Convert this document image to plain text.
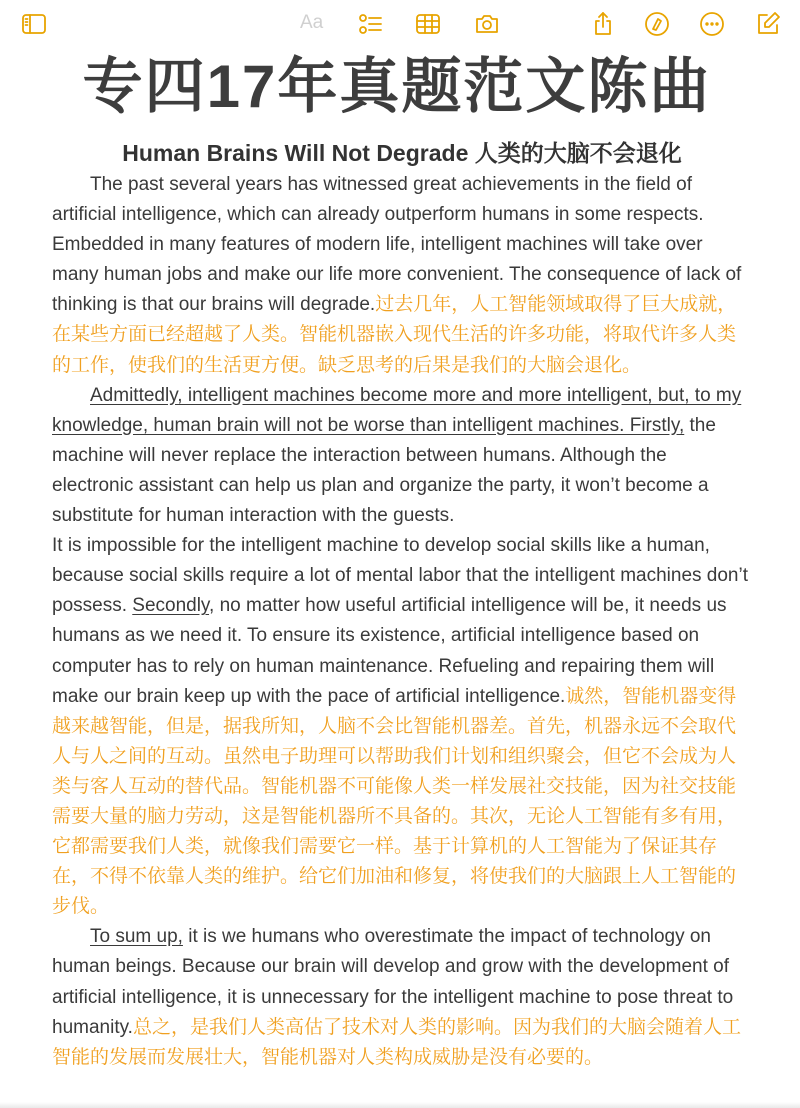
Aa
专四17年真题范文陈曲
Human Brains Will Not Degrade 人类的大脑不会退化

The past several years has witnessed great achievements in the field of artificial intelligence, which can already outperform humans in some respects. Embedded in many features of modern life, intelligent machines will take over many human jobs and make our life more convenient. The consequence of lack of thinking is that our brains will degrade.过去几年，人工智能领域取得了巨大成就，在某些方面已经超越了人类。智能机器嵌入现代生活的许多功能，将取代许多人类的工作，使我们的生活更方便。缺乏思考的后果是我们的大脑会退化。

Admittedly, intelligent machines become more and more intelligent, but, to my knowledge, human brain will not be worse than intelligent machines. Firstly, the machine will never replace the interaction between humans. Although the electronic assistant can help us plan and organize the party, it won’t become a substitute for human interaction with the guests.

It is impossible for the intelligent machine to develop social skills like a human, because social skills require a lot of mental labor that the intelligent machines don’t possess. Secondly, no matter how useful artificial intelligence will be, it needs us humans as we need it. To ensure its existence, artificial intelligence based on computer has to rely on human maintenance. Refueling and repairing them will make our brain keep up with the pace of artificial intelligence.诚然，智能机器变得越来越智能，但是，据我所知，人脑不会比智能机器差。首先，机器永远不会取代人与人之间的互动。虽然电子助理可以帮助我们计划和组织聚会，但它不会成为人类与客人互动的替代品。智能机器不可能像人类一样发展社交技能，因为社交技能需要大量的脑力劳动，这是智能机器所不具备的。其次，无论人工智能有多有用，它都需要我们人类，就像我们需要它一样。基于计算机的人工智能为了保证其存在，不得不依靠人类的维护。给它们加油和修复，将使我们的大脑跟上人工智能的步伐。

To sum up, it is we humans who overestimate the impact of technology on human beings. Because our brain will develop and grow with the development of artificial intelligence, it is unnecessary for the intelligent machine to pose threat to humanity.总之，是我们人类高估了技术对人类的影响。因为我们的大脑会随着人工智能的发展而发展壮大，智能机器对人类构成威胁是没有必要的。
